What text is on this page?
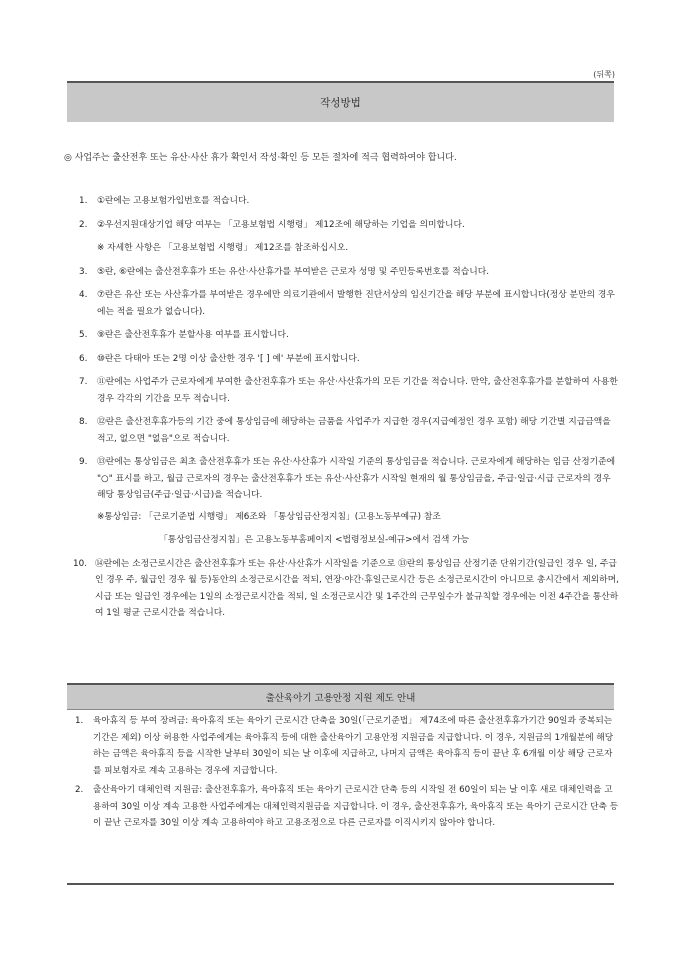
(뒤쪽)
작성방법
◎ 사업주는 출산전후 또는 유산·사산 휴가 확인서 작성·확인 등 모든 절차에 적극 협력하여야 합니다.
1.	①란에는 고용보험가입번호를 적습니다.
2.	②우선지원대상기업 해당 여부는 「고용보험법 시행령」 제12조에 해당하는 기업을 의미합니다.
※ 자세한 사항은 「고용보험법 시행령」 제12조를 참조하십시오.
3.	⑤란, ⑥란에는 출산전후휴가 또는 유산·사산휴가를 부여받은 근로자 성명 및 주민등록번호를 적습니다.
4.	⑦란은 유산 또는 사산휴가를 부여받은 경우에만 의료기관에서 발행한 진단서상의 임신기간을 해당 부분에 표시합니다(정상 분만의 경우에는 적을 필요가 없습니다).
5.	⑨란은 출산전후휴가 분할사용 여부를 표시합니다.
6.	⑩란은 다태아 또는 2명 이상 출산한 경우 '[ ] 예' 부분에 표시합니다.
7.	⑪란에는 사업주가 근로자에게 부여한 출산전후휴가 또는 유산·사산휴가의 모든 기간을 적습니다. 만약, 출산전후휴가를 분할하여 사용한 경우 각각의 기간을 모두 적습니다.
8.	⑫란은 출산전후휴가등의 기간 중에 통상임금에 해당하는 금품을 사업주가 지급한 경우(지급예정인 경우 포함) 해당 기간별 지급금액을 적고, 없으면 "없음"으로 적습니다.
9.	⑬란에는 통상임금은 최초 출산전후휴가 또는 유산·사산휴가 시작일 기준의 통상임금을 적습니다. 근로자에게 해당하는 임금 산정기준에 "○" 표시를 하고, 월급 근로자의 경우는 출산전후휴가 또는 유산·사산휴가 시작일 현재의 월 통상임금을, 주급·일급·시급 근로자의 경우 해당 통상임금(주급·일급·시급)을 적습니다.
※통상임금: 「근로기준법 시행령」 제6조와 「통상임금산정지침」(고용노동부예규) 참조
「통상임금산정지침」은 고용노동부홈페이지 <법령정보실-예규>에서 검색 가능
10. ⑭란에는 소정근로시간은 출산전후휴가 또는 유산·사산휴가 시작일을 기준으로 ⑬란의 통상임금 산정기준 단위기간(일급인 경우 일, 주급인 경우 주, 월급인 경우 월 등)동안의 소정근로시간을 적되, 연장·야간·휴일근로시간 등은 소정근로시간이 아니므로 총시간에서 제외하며, 시급 또는 일급인 경우에는 1일의 소정근로시간을 적되, 일 소정근로시간 및 1주간의 근무일수가 불규칙할 경우에는 이전 4주간을 통산하여 1일 평균 근로시간을 적습니다.
출산육아기 고용안정 지원 제도 안내
1.	육아휴직 등 부여 장려금: 육아휴직 또는 육아기 근로시간 단축을 30일(「근로기준법」 제74조에 따른 출산전후휴가기간 90일과 중복되는 기간은 제외) 이상 허용한 사업주에게는 육아휴직 등에 대한 출산육아기 고용안정 지원금을 지급합니다. 이 경우, 지원금의 1개월분에 해당하는 금액은 육아휴직 등을 시작한 날부터 30일이 되는 날 이후에 지급하고, 나머지 금액은 육아휴직 등이 끝난 후 6개월 이상 해당 근로자를 피보험자로 계속 고용하는 경우에 지급합니다.
2.	출산육아기 대체인력 지원금: 출산전후휴가, 육아휴직 또는 육아기 근로시간 단축 등의 시작일 전 60일이 되는 날 이후 새로 대체인력을 고용하여 30일 이상 계속 고용한 사업주에게는 대체인력지원금을 지급합니다. 이 경우, 출산전후휴가, 육아휴직 또는 육아기 근로시간 단축 등이 끝난 근로자를 30일 이상 계속 고용하여야 하고 고용조정으로 다른 근로자를 이직시키지 않아야 합니다.
